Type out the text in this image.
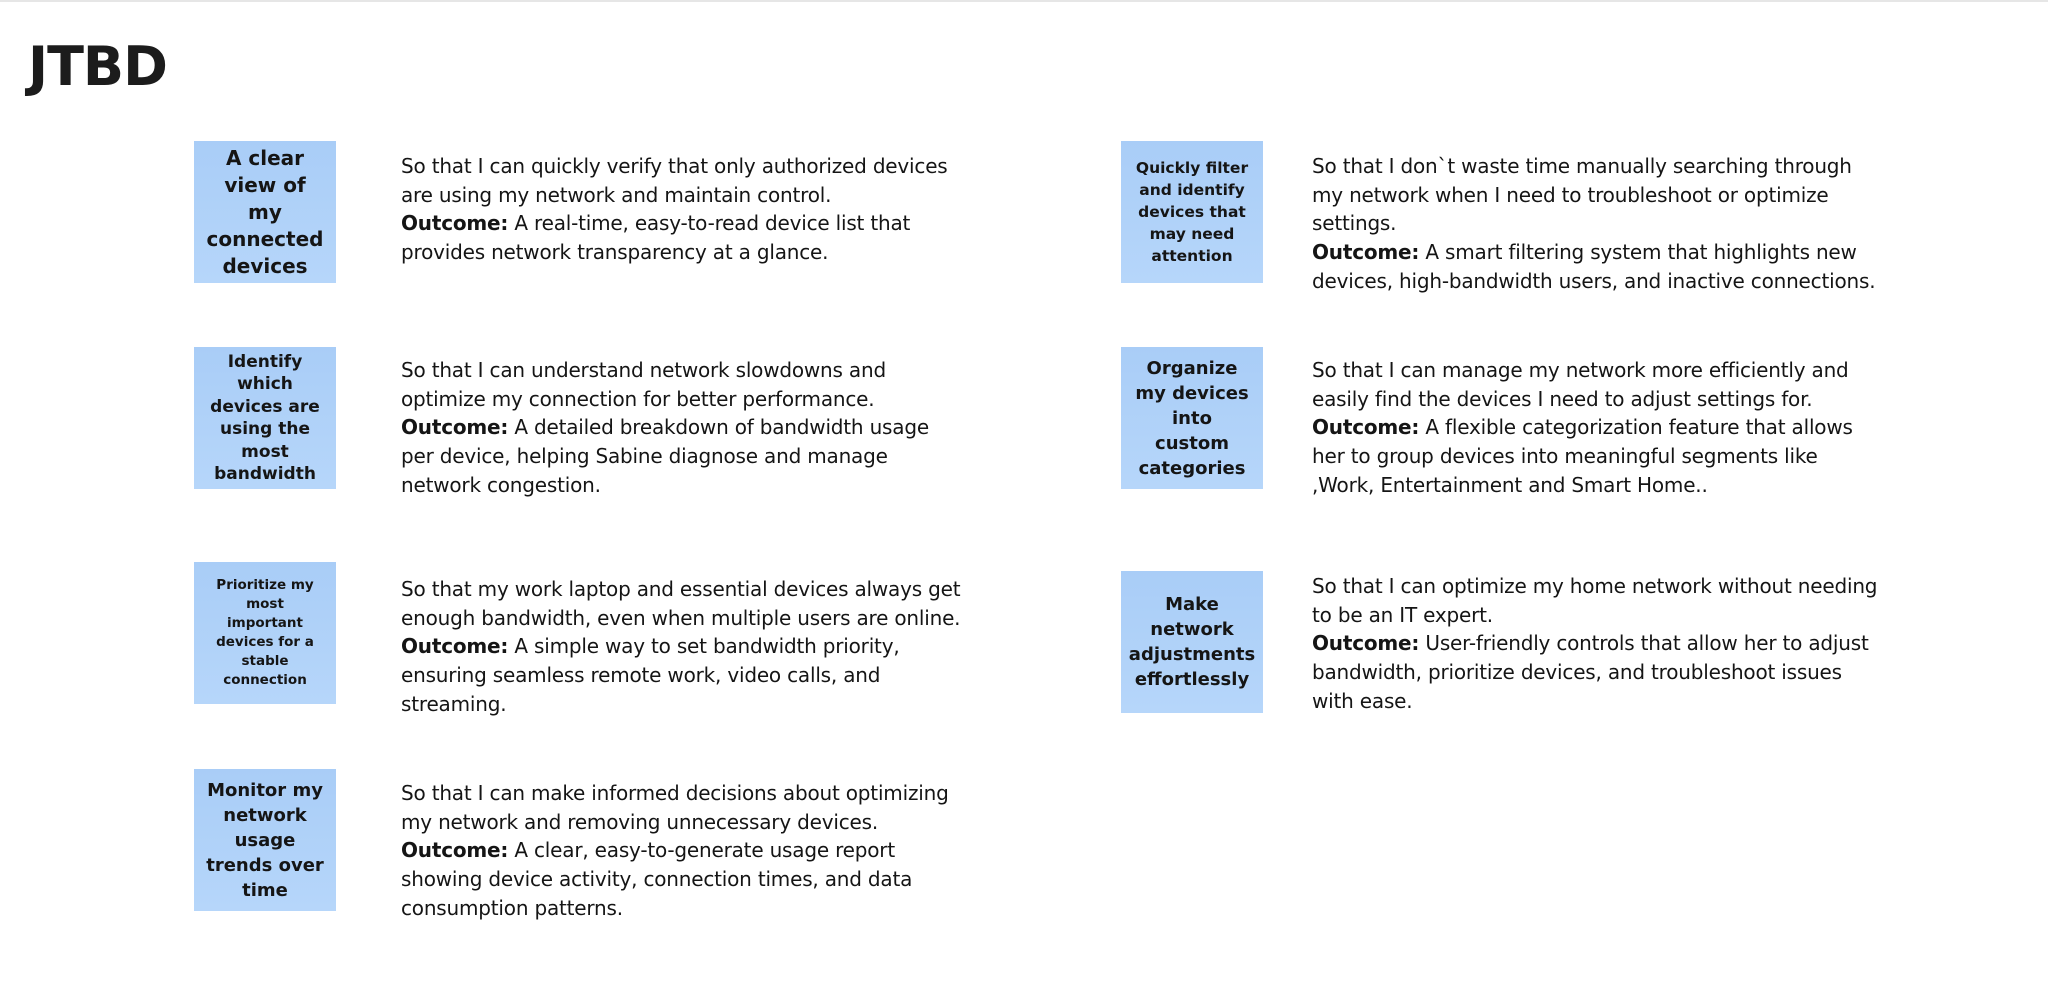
JTBD
A clear view of my connected devices
So that I can quickly verify that only authorized devices are using my network and maintain control.
Outcome: A real-time, easy-to-read device list that provides network transparency at a glance.
Identify which devices are using the most bandwidth
So that I can understand network slowdowns and optimize my connection for better performance.
Outcome: A detailed breakdown of bandwidth usage per device, helping Sabine diagnose and manage network congestion.
Prioritize my most important devices for a stable connection
So that my work laptop and essential devices always get enough bandwidth, even when multiple users are online.
Outcome: A simple way to set bandwidth priority, ensuring seamless remote work, video calls, and streaming.
Monitor my network usage trends over time
So that I can make informed decisions about optimizing my network and removing unnecessary devices.
Outcome: A clear, easy-to-generate usage report showing device activity, connection times, and data consumption patterns.
Quickly filter and identify devices that may need attention
So that I don`t waste time manually searching through my network when I need to troubleshoot or optimize settings.
Outcome: A smart filtering system that highlights new devices, high-bandwidth users, and inactive connections.
Organize my devices into custom categories
So that I can manage my network more efficiently and easily find the devices I need to adjust settings for.
Outcome: A flexible categorization feature that allows her to group devices into meaningful segments like ,Work, Entertainment and Smart Home..
Make network adjustments effortlessly
So that I can optimize my home network without needing to be an IT expert.
Outcome: User-friendly controls that allow her to adjust bandwidth, prioritize devices, and troubleshoot issues with ease.
